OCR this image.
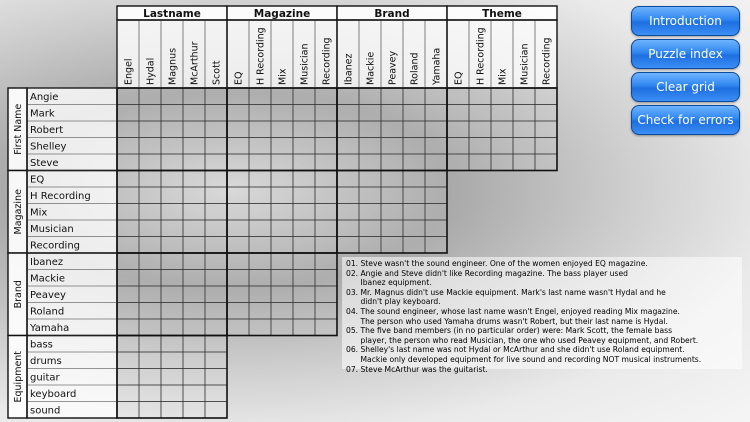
Lastname
Engel Hydal Magnus McArthur Scott
Magazine
EQ H Recording Mix Musician Recording
Brand
Ibanez Mackie Peavey Roland Yamaha
Theme
EQ H Recording Mix Musician Recording
First Name
Angie
Mark
Robert
Shelley
Steve
Magazine
EQ
H Recording
Mix
Musician
Recording
Brand
Ibanez
Mackie
Peavey
Roland
Yamaha
Equipment
bass
drums
guitar
keyboard
sound
Introduction
Puzzle index
Clear grid
Check for errors

01. Steve wasn't the sound engineer. One of the women enjoyed EQ magazine.

02. Angie and Steve didn't like Recording magazine. The bass player used

Ibanez equipment.

03. Mr. Magnus didn't use Mackie equipment. Mark's last name wasn't Hydal and he

didn't play keyboard.

04. The sound engineer, whose last name wasn't Engel, enjoyed reading Mix magazine.

The person who used Yamaha drums wasn't Robert, but their last name is Hydal.

05. The five band members (in no particular order) were: Mark Scott, the female bass

player, the person who read Musician, the one who used Peavey equipment, and Robert.

06. Shelley's last name was not Hydal or McArthur and she didn't use Roland equipment.

Mackie only developed equipment for live sound and recording NOT musical instruments.

07. Steve McArthur was the guitarist.
